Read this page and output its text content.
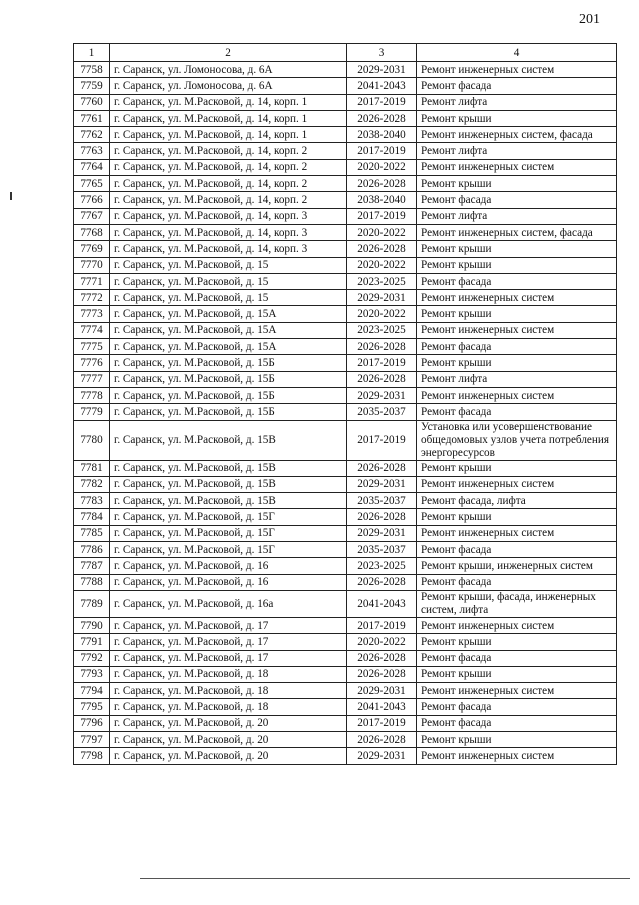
201
1	2	3	4
7758	г. Саранск, ул. Ломоносова, д. 6А	2029-2031	Ремонт инженерных систем
7759	г. Саранск, ул. Ломоносова, д. 6А	2041-2043	Ремонт фасада
7760	г. Саранск, ул. М.Расковой, д. 14, корп. 1	2017-2019	Ремонт лифта
7761	г. Саранск, ул. М.Расковой, д. 14, корп. 1	2026-2028	Ремонт крыши
7762	г. Саранск, ул. М.Расковой, д. 14, корп. 1	2038-2040	Ремонт инженерных систем, фасада
7763	г. Саранск, ул. М.Расковой, д. 14, корп. 2	2017-2019	Ремонт лифта
7764	г. Саранск, ул. М.Расковой, д. 14, корп. 2	2020-2022	Ремонт инженерных систем
7765	г. Саранск, ул. М.Расковой, д. 14, корп. 2	2026-2028	Ремонт крыши
7766	г. Саранск, ул. М.Расковой, д. 14, корп. 2	2038-2040	Ремонт фасада
7767	г. Саранск, ул. М.Расковой, д. 14, корп. 3	2017-2019	Ремонт лифта
7768	г. Саранск, ул. М.Расковой, д. 14, корп. 3	2020-2022	Ремонт инженерных систем, фасада
7769	г. Саранск, ул. М.Расковой, д. 14, корп. 3	2026-2028	Ремонт крыши
7770	г. Саранск, ул. М.Расковой, д. 15	2020-2022	Ремонт крыши
7771	г. Саранск, ул. М.Расковой, д. 15	2023-2025	Ремонт фасада
7772	г. Саранск, ул. М.Расковой, д. 15	2029-2031	Ремонт инженерных систем
7773	г. Саранск, ул. М.Расковой, д. 15А	2020-2022	Ремонт крыши
7774	г. Саранск, ул. М.Расковой, д. 15А	2023-2025	Ремонт инженерных систем
7775	г. Саранск, ул. М.Расковой, д. 15А	2026-2028	Ремонт фасада
7776	г. Саранск, ул. М.Расковой, д. 15Б	2017-2019	Ремонт крыши
7777	г. Саранск, ул. М.Расковой, д. 15Б	2026-2028	Ремонт лифта
7778	г. Саранск, ул. М.Расковой, д. 15Б	2029-2031	Ремонт инженерных систем
7779	г. Саранск, ул. М.Расковой, д. 15Б	2035-2037	Ремонт фасада
7780	г. Саранск, ул. М.Расковой, д. 15В	2017-2019	Установка или усовершенствование общедомовых узлов учета потребления энергоресурсов
7781	г. Саранск, ул. М.Расковой, д. 15В	2026-2028	Ремонт крыши
7782	г. Саранск, ул. М.Расковой, д. 15В	2029-2031	Ремонт инженерных систем
7783	г. Саранск, ул. М.Расковой, д. 15В	2035-2037	Ремонт фасада, лифта
7784	г. Саранск, ул. М.Расковой, д. 15Г	2026-2028	Ремонт крыши
7785	г. Саранск, ул. М.Расковой, д. 15Г	2029-2031	Ремонт инженерных систем
7786	г. Саранск, ул. М.Расковой, д. 15Г	2035-2037	Ремонт фасада
7787	г. Саранск, ул. М.Расковой, д. 16	2023-2025	Ремонт крыши, инженерных систем
7788	г. Саранск, ул. М.Расковой, д. 16	2026-2028	Ремонт фасада
7789	г. Саранск, ул. М.Расковой, д. 16а	2041-2043	Ремонт крыши, фасада, инженерных систем, лифта
7790	г. Саранск, ул. М.Расковой, д. 17	2017-2019	Ремонт инженерных систем
7791	г. Саранск, ул. М.Расковой, д. 17	2020-2022	Ремонт крыши
7792	г. Саранск, ул. М.Расковой, д. 17	2026-2028	Ремонт фасада
7793	г. Саранск, ул. М.Расковой, д. 18	2026-2028	Ремонт крыши
7794	г. Саранск, ул. М.Расковой, д. 18	2029-2031	Ремонт инженерных систем
7795	г. Саранск, ул. М.Расковой, д. 18	2041-2043	Ремонт фасада
7796	г. Саранск, ул. М.Расковой, д. 20	2017-2019	Ремонт фасада
7797	г. Саранск, ул. М.Расковой, д. 20	2026-2028	Ремонт крыши
7798	г. Саранск, ул. М.Расковой, д. 20	2029-2031	Ремонт инженерных систем
